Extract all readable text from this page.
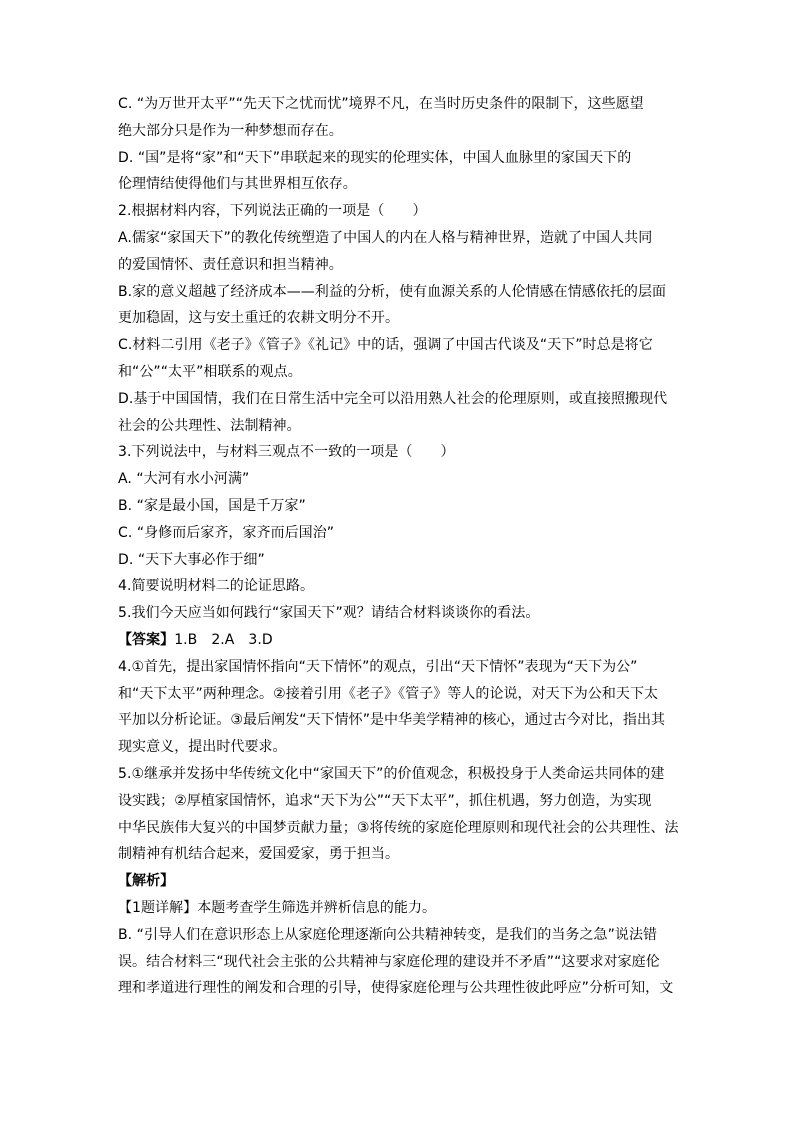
C. “为万世开太平”“先天下之忧而忧”境界不凡，在当时历史条件的限制下，这些愿望

绝大部分只是作为一种梦想而存在。

D. “国”是将“家”和“天下”串联起来的现实的伦理实体，中国人血脉里的家国天下的

伦理情结使得他们与其世界相互依存。

2.根据材料内容，下列说法正确的一项是（　　）

A.儒家“家国天下”的教化传统塑造了中国人的内在人格与精神世界，造就了中国人共同

的爱国情怀、责任意识和担当精神。

B.家的意义超越了经济成本——利益的分析，使有血源关系的人伦情感在情感依托的层面

更加稳固，这与安土重迁的农耕文明分不开。

C.材料二引用《老子》《管子》《礼记》中的话，强调了中国古代谈及“天下”时总是将它

和“公”“太平”相联系的观点。

D.基于中国国情，我们在日常生活中完全可以沿用熟人社会的伦理原则，或直接照搬现代

社会的公共理性、法制精神。

3.下列说法中，与材料三观点不一致的一项是（　　）

A. “大河有水小河满”

B. “家是最小国，国是千万家”

C. “身修而后家齐，家齐而后国治”

D. “天下大事必作于细”

4.简要说明材料二的论证思路。

5.我们今天应当如何践行“家国天下”观？请结合材料谈谈你的看法。

【答案】1.B 2.A 3.D

4.①首先，提出家国情怀指向“天下情怀”的观点，引出“天下情怀”表现为“天下为公”

和“天下太平”两种理念。②接着引用《老子》《管子》等人的论说，对天下为公和天下太

平加以分析论证。③最后阐发“天下情怀”是中华美学精神的核心，通过古今对比，指出其

现实意义，提出时代要求。

5.①继承并发扬中华传统文化中“家国天下”的价值观念，积极投身于人类命运共同体的建

设实践；②厚植家国情怀，追求“天下为公”“天下太平”，抓住机遇，努力创造，为实现

中华民族伟大复兴的中国梦贡献力量；③将传统的家庭伦理原则和现代社会的公共理性、法

制精神有机结合起来，爱国爱家，勇于担当。

【解析】

【1题详解】本题考查学生筛选并辨析信息的能力。

B. “引导人们在意识形态上从家庭伦理逐渐向公共精神转变，是我们的当务之急”说法错

误。结合材料三“现代社会主张的公共精神与家庭伦理的建设并不矛盾”“这要求对家庭伦

理和孝道进行理性的阐发和合理的引导，使得家庭伦理与公共理性彼此呼应”分析可知，文
